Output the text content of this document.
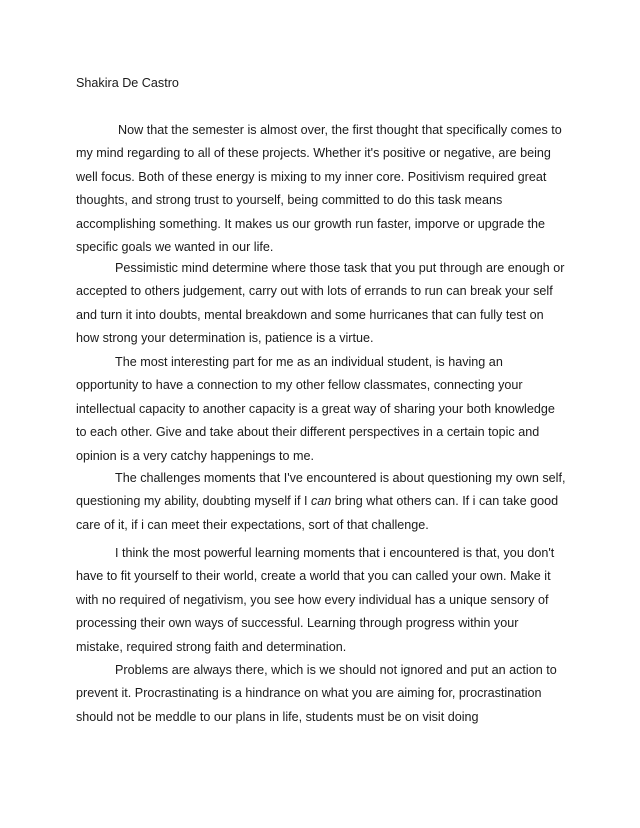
Shakira De Castro

Now that the semester is almost over, the first thought that specifically comes to
my mind regarding to all of these projects. Whether it's positive or negative, are being
well focus. Both of these energy is mixing to my inner core. Positivism required great
thoughts, and strong trust to yourself, being committed to do this task means
accomplishing something. It makes us our growth run faster, imporve or upgrade the
specific goals we wanted in our life.
Pessimistic mind determine where those task that you put through are enough or
accepted to others judgement, carry out with lots of errands to run can break your self
and turn it into doubts, mental breakdown and some hurricanes that can fully test on
how strong your determination is, patience is a virtue.
The most interesting part for me as an individual student, is having an
opportunity to have a connection to my other fellow classmates, connecting your
intellectual capacity to another capacity is a great way of sharing your both knowledge
to each other. Give and take about their different perspectives in a certain topic and
opinion is a very catchy happenings to me.
The challenges moments that I've encountered is about questioning my own self,
questioning my ability, doubting myself if I can bring what others can. If i can take good
care of it, if i can meet their expectations, sort of that challenge.
I think the most powerful learning moments that i encountered is that, you don't
have to fit yourself to their world, create a world that you can called your own. Make it
with no required of negativism, you see how every individual has a unique sensory of
processing their own ways of successful. Learning through progress within your
mistake, required strong faith and determination.
Problems are always there, which is we should not ignored and put an action to
prevent it. Procrastinating is a hindrance on what you are aiming for, procrastination
should not be meddle to our plans in life, students must be on visit doing
